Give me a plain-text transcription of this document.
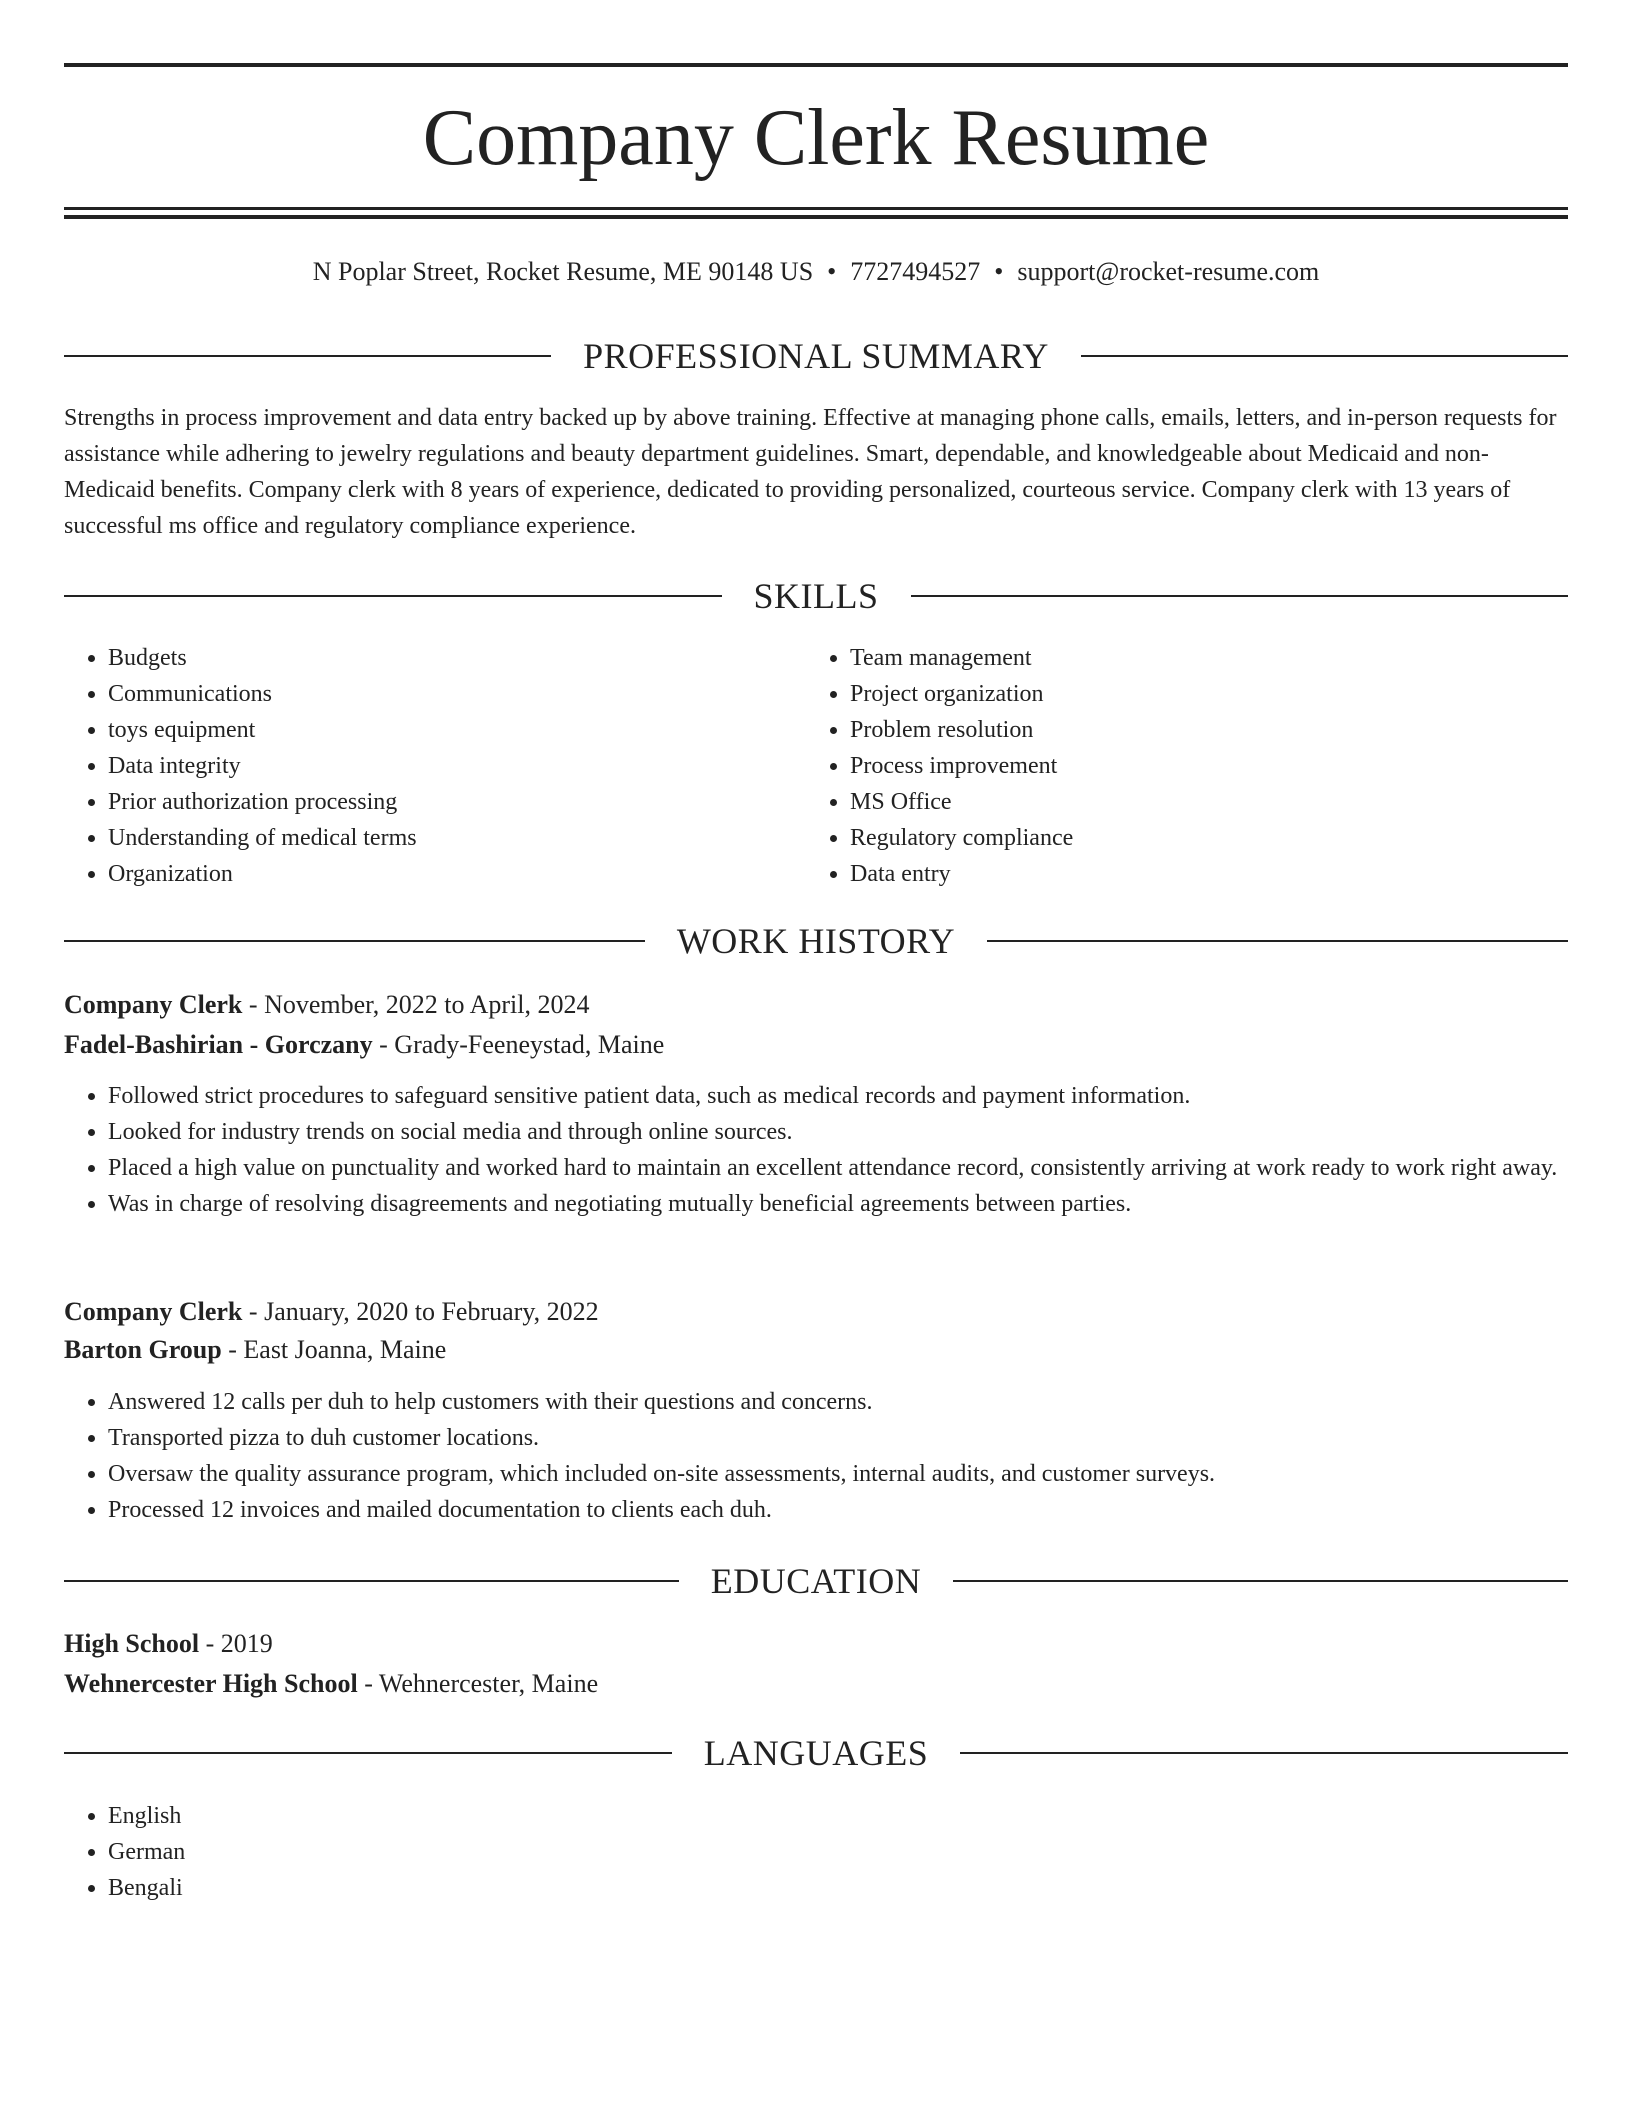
Company Clerk Resume
N Poplar Street, Rocket Resume, ME 90148 US • 7727494527 • support@rocket-resume.com
PROFESSIONAL SUMMARY

Strengths in process improvement and data entry backed up by above training. Effective at managing phone calls, emails, letters, and in-person requests for assistance while adhering to jewelry regulations and beauty department guidelines. Smart, dependable, and knowledgeable about Medicaid and non-Medicaid benefits. Company clerk with 8 years of experience, dedicated to providing personalized, courteous service. Company clerk with 13 years of successful ms office and regulatory compliance experience.

SKILLS
• Budgets
• Communications
• toys equipment
• Data integrity
• Prior authorization processing
• Understanding of medical terms
• Organization
• Team management
• Project organization
• Problem resolution
• Process improvement
• MS Office
• Regulatory compliance
• Data entry
WORK HISTORY
Company Clerk - November, 2022 to April, 2024
Fadel-Bashirian - Gorczany - Grady-Feeneystad, Maine
• Followed strict procedures to safeguard sensitive patient data, such as medical records and payment information.
• Looked for industry trends on social media and through online sources.
• Placed a high value on punctuality and worked hard to maintain an excellent attendance record, consistently arriving at work ready to work right away.
• Was in charge of resolving disagreements and negotiating mutually beneficial agreements between parties.
Company Clerk - January, 2020 to February, 2022
Barton Group - East Joanna, Maine
• Answered 12 calls per duh to help customers with their questions and concerns.
• Transported pizza to duh customer locations.
• Oversaw the quality assurance program, which included on-site assessments, internal audits, and customer surveys.
• Processed 12 invoices and mailed documentation to clients each duh.
EDUCATION
High School - 2019
Wehnercester High School - Wehnercester, Maine
LANGUAGES
• English
• German
• Bengali
